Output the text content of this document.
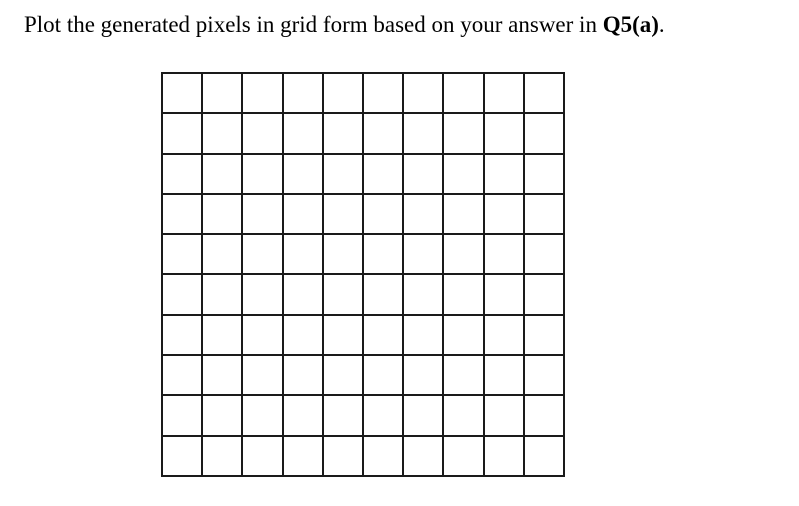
Plot the generated pixels in grid form based on your answer in Q5(a).
